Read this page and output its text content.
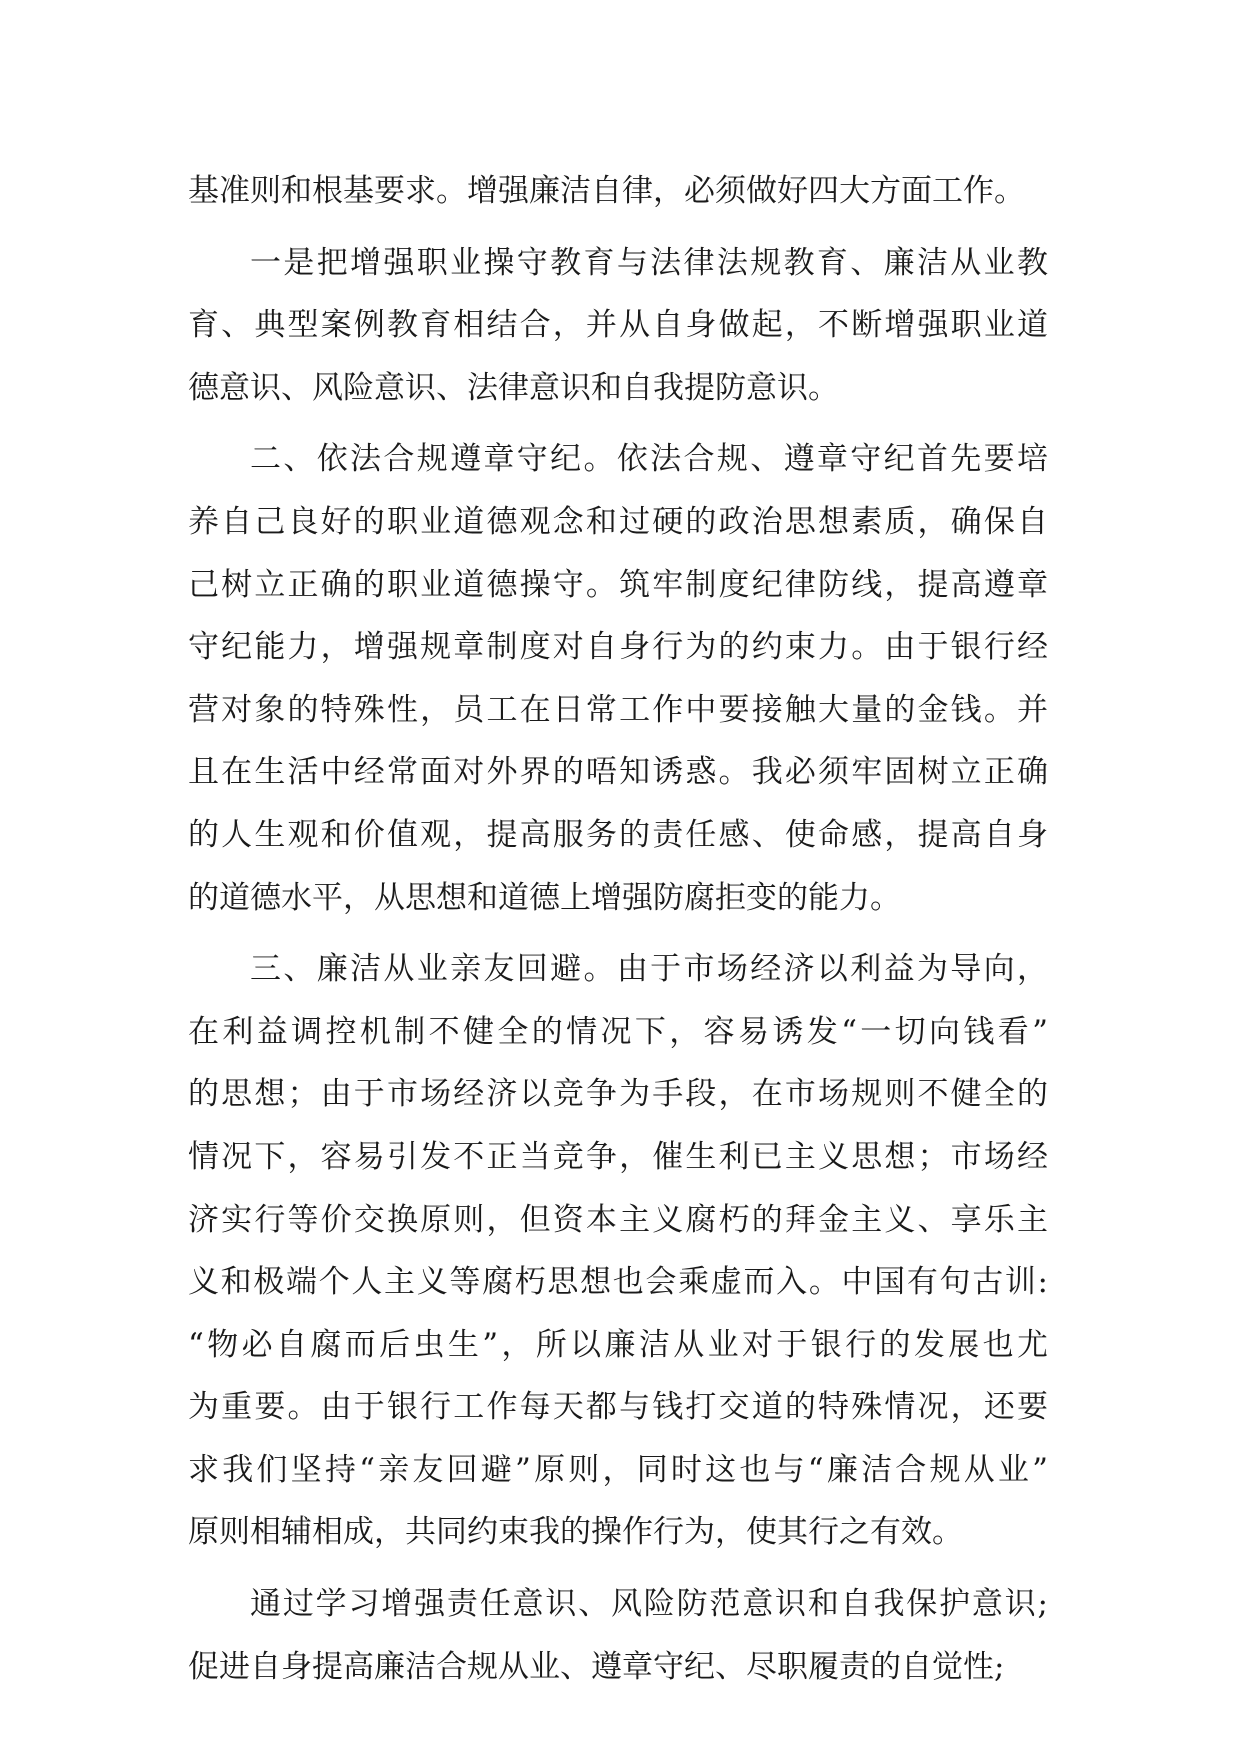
基准则和根基要求。增强廉洁自律，必须做好四大方面工作。
一是把增强职业操守教育与法律法规教育、廉洁从业教
育、典型案例教育相结合，并从自身做起，不断增强职业道
德意识、风险意识、法律意识和自我提防意识。
二、依法合规遵章守纪。依法合规、遵章守纪首先要培
养自己良好的职业道德观念和过硬的政治思想素质，确保自
己树立正确的职业道德操守。筑牢制度纪律防线，提高遵章
守纪能力，增强规章制度对自身行为的约束力。由于银行经
营对象的特殊性，员工在日常工作中要接触大量的金钱。并
且在生活中经常面对外界的唔知诱惑。我必须牢固树立正确
的人生观和价值观，提高服务的责任感、使命感，提高自身
的道德水平，从思想和道德上增强防腐拒变的能力。
三、廉洁从业亲友回避。由于市场经济以利益为导向，
在利益调控机制不健全的情况下，容易诱发“一切向钱看”
的思想；由于市场经济以竞争为手段，在市场规则不健全的
情况下，容易引发不正当竞争，催生利已主义思想；市场经
济实行等价交换原则，但资本主义腐朽的拜金主义、享乐主
义和极端个人主义等腐朽思想也会乘虚而入。中国有句古训:
“物必自腐而后虫生”，所以廉洁从业对于银行的发展也尤
为重要。由于银行工作每天都与钱打交道的特殊情况，还要
求我们坚持“亲友回避”原则，同时这也与“廉洁合规从业”
原则相辅相成，共同约束我的操作行为，使其行之有效。
通过学习增强责任意识、风险防范意识和自我保护意识;
促进自身提高廉洁合规从业、遵章守纪、尽职履责的自觉性;
